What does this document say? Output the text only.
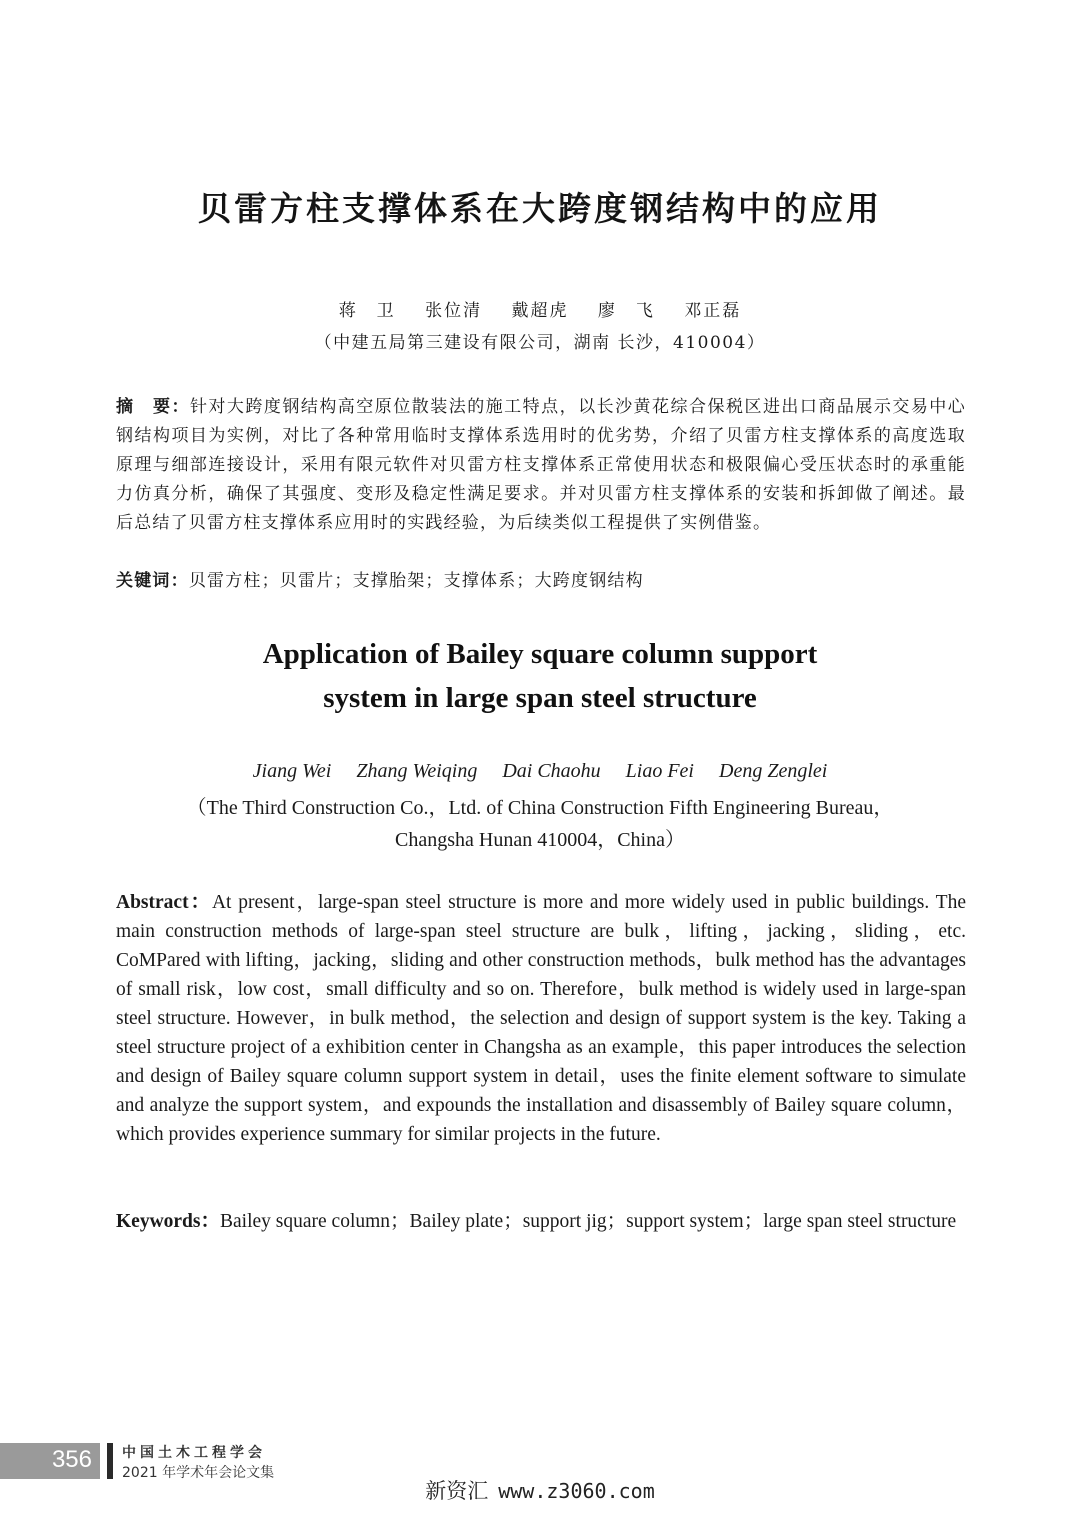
贝雷方柱支撑体系在大跨度钢结构中的应用
蒋　卫 张位清 戴超虎 廖　飞 邓正磊
（中建五局第三建设有限公司，湖南 长沙，410004）
摘　要：针对大跨度钢结构高空原位散装法的施工特点，以长沙黄花综合保税区进出口商品展示交易中心钢结构项目为实例，对比了各种常用临时支撑体系选用时的优劣势，介绍了贝雷方柱支撑体系的高度选取原理与细部连接设计，采用有限元软件对贝雷方柱支撑体系正常使用状态和极限偏心受压状态时的承重能力仿真分析，确保了其强度、变形及稳定性满足要求。并对贝雷方柱支撑体系的安装和拆卸做了阐述。最后总结了贝雷方柱支撑体系应用时的实践经验，为后续类似工程提供了实例借鉴。
关键词：贝雷方柱；贝雷片；支撑胎架；支撑体系；大跨度钢结构
Application of Bailey square column support
system in large span steel structure
Jiang Wei Zhang Weiqing Dai Chaohu Liao Fei Deng Zenglei
（The Third Construction Co.，Ltd. of China Construction Fifth Engineering Bureau，
Changsha Hunan 410004，China）
Abstract：At present，large-span steel structure is more and more widely used in public buildings. The main construction methods of large-span steel structure are bulk，lifting，jacking，sliding，etc. CoMPared with lifting，jacking，sliding and other construction methods，bulk method has the advantages of small risk，low cost，small difficulty and so on. Therefore，bulk method is widely used in large-span steel structure. However，in bulk method，the selection and design of support system is the key. Taking a steel structure project of a exhibition center in Changsha as an example，this paper introduces the selection and design of Bailey square column support system in detail，uses the finite element software to simulate and analyze the support system，and expounds the installation and disassembly of Bailey square column，which provides experience summary for similar projects in the future.
Keywords：Bailey square column；Bailey plate；support jig；support system；large span steel structure
356 中国土木工程学会
2021 年学术年会论文集
新资汇 www.z3060.com
